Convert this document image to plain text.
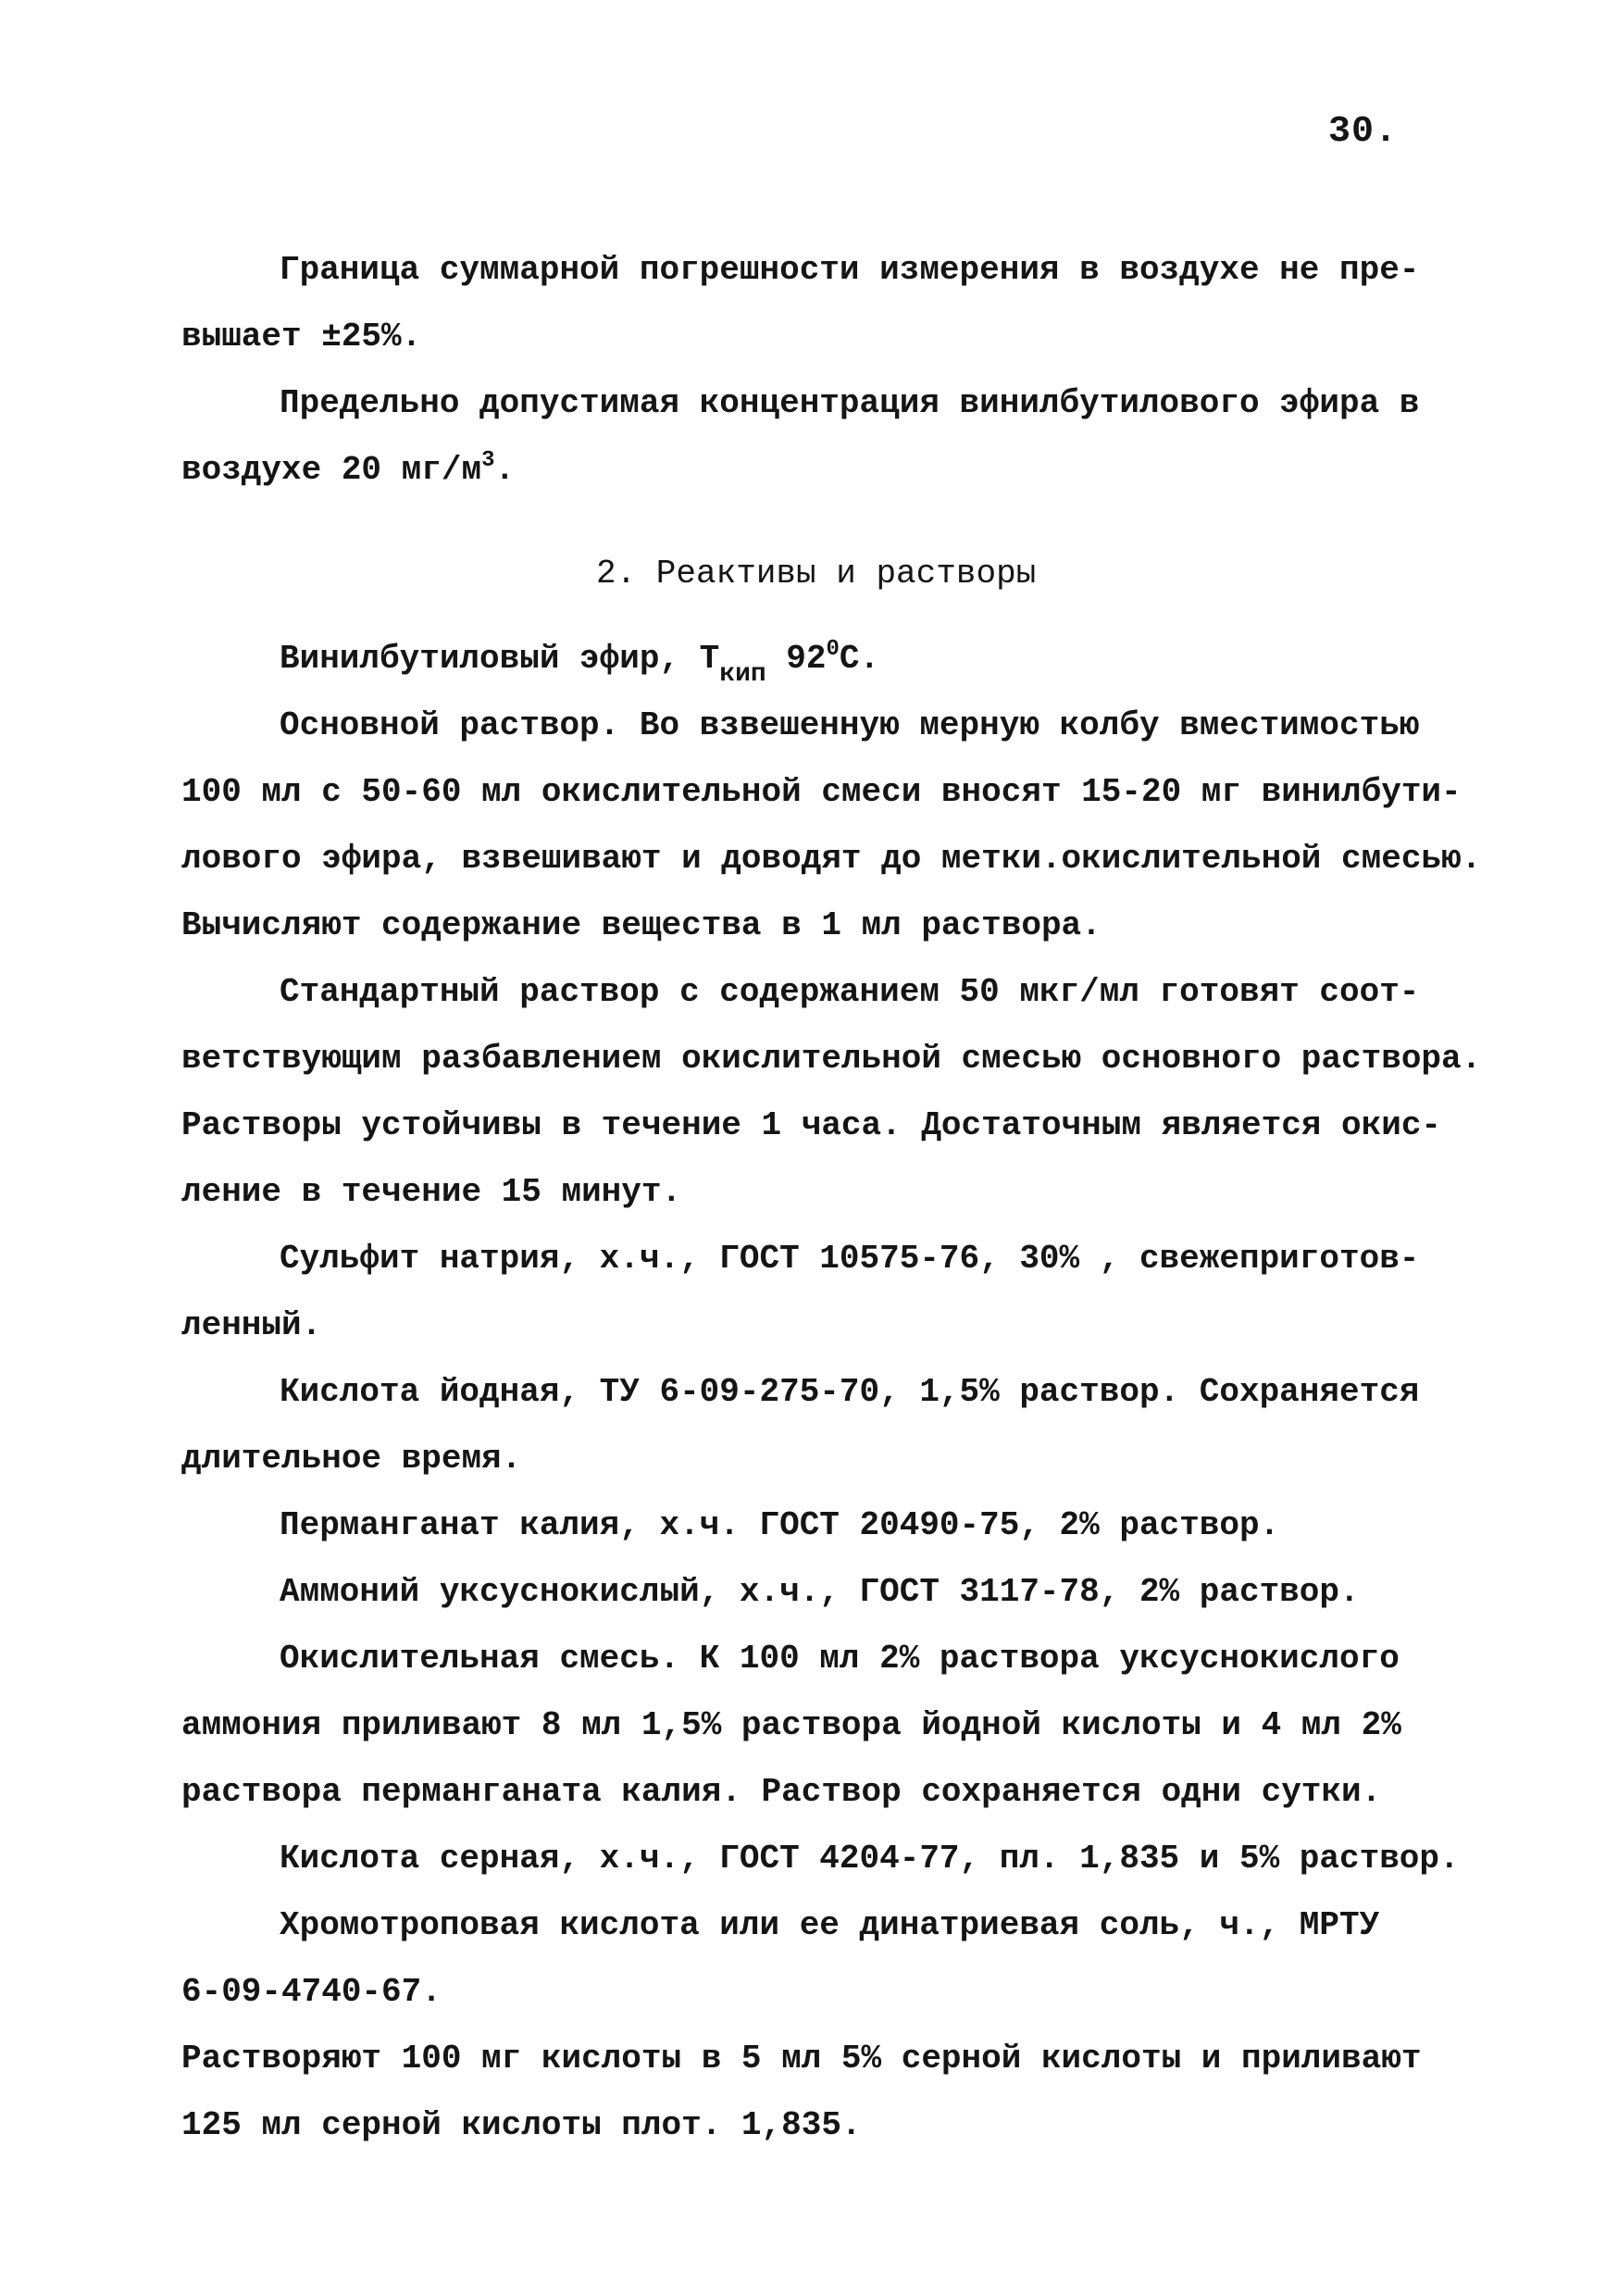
30.
Граница суммарной погрешности измерения в воздухе не пре-
вышает ±25%.
Предельно допустимая концентрация винилбутилового эфира в
воздухе 20 $мг/м^3$.
2. Реактивы и растворы
Винилбутиловый эфир, $Т_{кип}$ $92^0С$.
Основной раствор. Во взвешенную мерную колбу вместимостью
100 мл с 50-60 мл окислительной смеси вносят 15-20 мг винилбути-
лового эфира, взвешивают и доводят до метки.окислительной смесью.
Вычисляют содержание вещества в 1 мл раствора.
Стандартный раствор с содержанием 50 мкг/мл готовят соот-
ветствующим разбавлением окислительной смесью основного раствора.
Растворы устойчивы в течение 1 часа. Достаточным является окис-
ление в течение 15 минут.
Сульфит натрия, х.ч., ГОСТ 10575-76, 30% , свежеприготов-
ленный.
Кислота йодная, ТУ 6-09-275-70, 1,5% раствор. Сохраняется
длительное время.
Перманганат калия, х.ч. ГОСТ 20490-75, 2% раствор.
Аммоний уксуснокислый, х.ч., ГОСТ 3117-78, 2% раствор.
Окислительная смесь. К 100 мл 2% раствора уксуснокислого
аммония приливают 8 мл 1,5% раствора йодной кислоты и 4 мл 2%
раствора перманганата калия. Раствор сохраняется одни сутки.
Кислота серная, х.ч., ГОСТ 4204-77, пл. 1,835 и 5% раствор.
Хромотроповая кислота или ее динатриевая соль, ч., МРТУ
6-09-4740-67.
Растворяют 100 мг кислоты в 5 мл 5% серной кислоты и приливают
125 мл серной кислоты плот. 1,835.
